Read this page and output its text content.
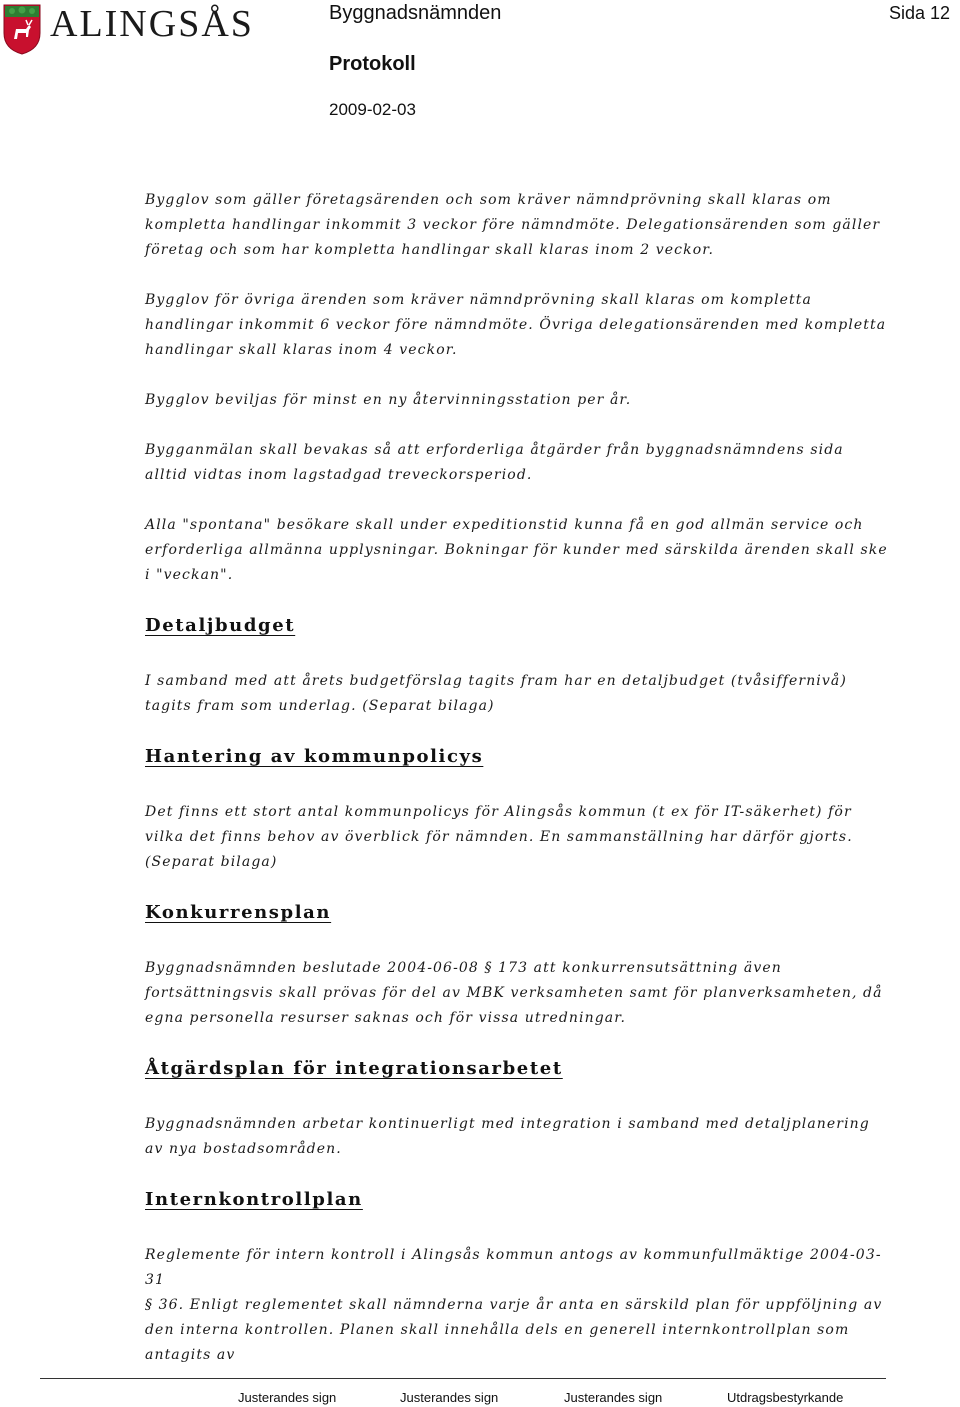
ALINGSÅS	Byggnadsnämnden
Protokoll
2009-02-03
Sida 12

Bygglov som gäller företagsärenden och som kräver nämndprövning skall klaras om kompletta handlingar inkommit 3 veckor före nämndmöte. Delegationsärenden som gäller företag och som har kompletta handlingar skall klaras inom 2 veckor.

Bygglov för övriga ärenden som kräver nämndprövning skall klaras om kompletta handlingar inkommit 6 veckor före nämndmöte. Övriga delegationsärenden med kompletta handlingar skall klaras inom 4 veckor.

Bygglov beviljas för minst en ny återvinningsstation per år.

Bygganmälan skall bevakas så att erforderliga åtgärder från byggnadsnämndens sida alltid vidtas inom lagstadgad treveckorsperiod.

Alla "spontana" besökare skall under expeditionstid kunna få en god allmän service och erforderliga allmänna upplysningar. Bokningar för kunder med särskilda ärenden skall ske i "veckan".

Detaljbudget

I samband med att årets budgetförslag tagits fram har en detaljbudget (tvåsiffernivå) tagits fram som underlag. (Separat bilaga)

Hantering av kommunpolicys

Det finns ett stort antal kommunpolicys för Alingsås kommun (t ex för IT-säkerhet) för vilka det finns behov av överblick för nämnden. En sammanställning har därför gjorts. (Separat bilaga)

Konkurrensplan

Byggnadsnämnden beslutade 2004-06-08 § 173 att konkurrensutsättning även fortsättningsvis skall prövas för del av MBK verksamheten samt för planverksamheten, då egna personella resurser saknas och för vissa utredningar.

Åtgärdsplan för integrationsarbetet

Byggnadsnämnden arbetar kontinuerligt med integration i samband med detaljplanering av nya bostadsområden.

Internkontrollplan

Reglemente för intern kontroll i Alingsås kommun antogs av kommunfullmäktige 2004-03-31

§ 36. Enligt reglementet skall nämnderna varje år anta en särskild plan för uppföljning av den interna kontrollen. Planen skall innehålla dels en generell internkontrollplan som antagits av

Justerandes sign	Justerandes sign	Justerandes sign	Utdragsbestyrkande
